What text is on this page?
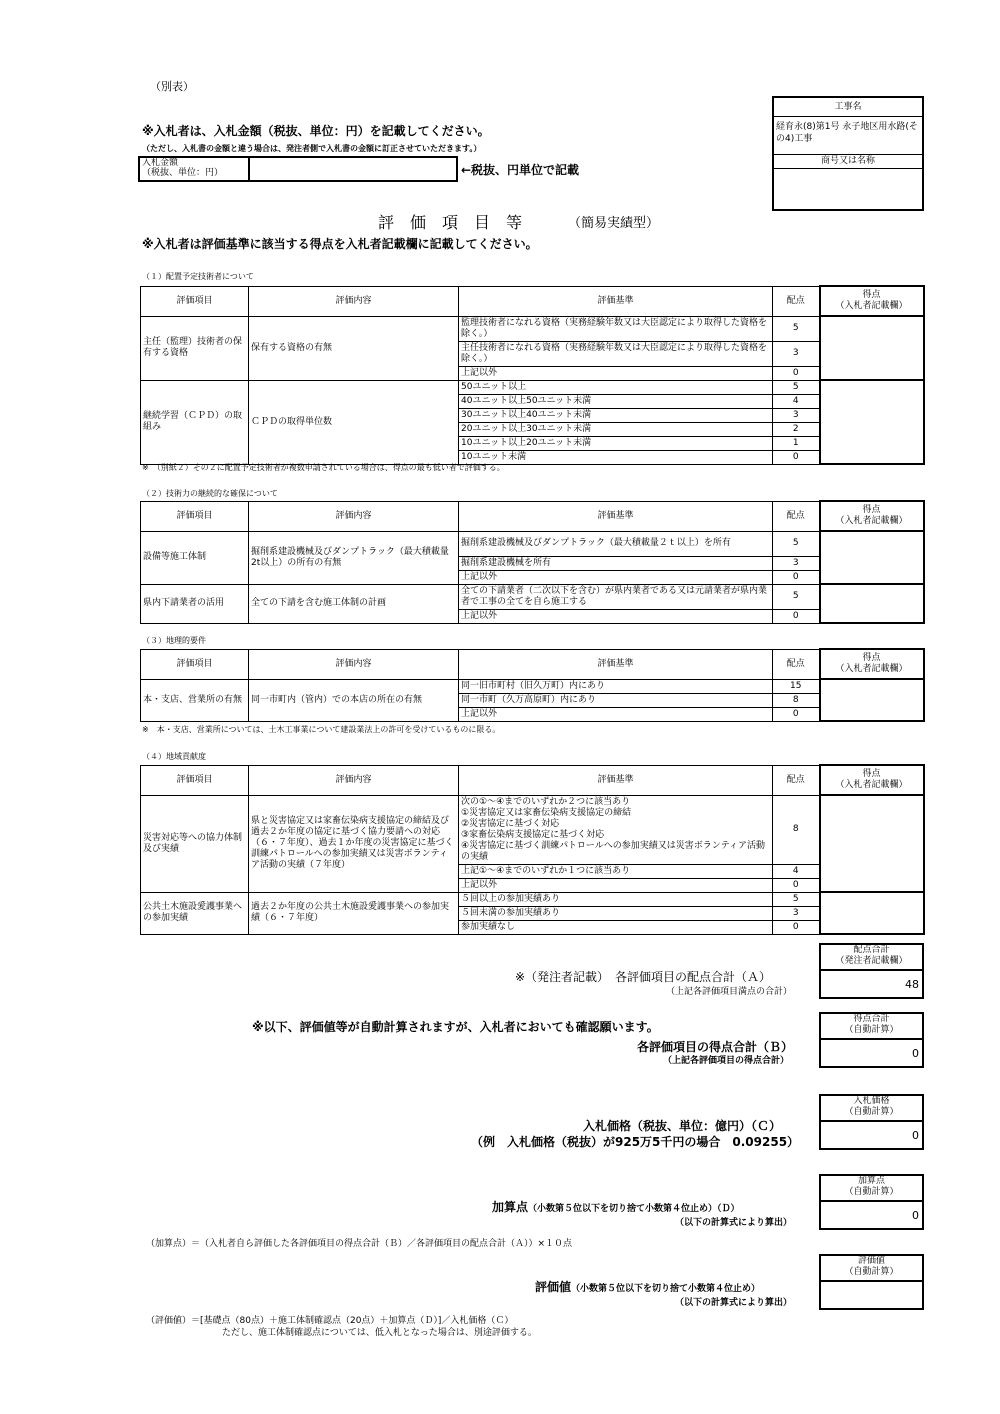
（別表）
工事名
経育永(8)第1号 永子地区用水路(その4)工事
商号又は名称
※入札者は、入札金額（税抜、単位：円）を記載してください。
（ただし、入札書の金額と違う場合は、発注者側で入札書の金額に訂正させていただきます。）
入札金額
（税抜、単位：円）	←税抜、円単位で記載
評　価　項　目　等	（簡易実績型）
※入札者は評価基準に該当する得点を入札者記載欄に記載してください。
（１）配置予定技術者について
評価項目	評価内容	評価基準	配点	得点
（入札者記載欄）
主任（監理）技術者の保有する資格	保有する資格の有無	監理技術者になれる資格（実務経験年数又は大臣認定により取得した資格を除く。）	5	
		主任技術者になれる資格（実務経験年数又は大臣認定により取得した資格を除く。）	3	
		上記以外	0	
継続学習（ＣＰＤ）の取組み	ＣＰＤの取得単位数	50ユニット以上	5	
		40ユニット以上50ユニット未満	4	
		30ユニット以上40ユニット未満	3	
		20ユニット以上30ユニット未満	2	
		10ユニット以上20ユニット未満	1	
		10ユニット未満	0	
※　（別紙２）その２に配置予定技術者が複数申請されている場合は、得点の最も低い者で評価する。
（２）技術力の継続的な確保について
評価項目	評価内容	評価基準	配点	得点
（入札者記載欄）
設備等施工体制	掘削系建設機械及びダンプトラック（最大積載量2t以上）の所有の有無	掘削系建設機械及びダンプトラック（最大積載量２ｔ以上）を所有	5	
		掘削系建設機械を所有	3	
		上記以外	0	
県内下請業者の活用	全ての下請を含む施工体制の計画	全ての下請業者（二次以下を含む）が県内業者である又は元請業者が県内業者で工事の全てを自ら施工する	5	
		上記以外	0	
（３）地理的要件
評価項目	評価内容	評価基準	配点	得点
（入札者記載欄）
本・支店、営業所の有無	同一市町内（管内）での本店の所在の有無	同一旧市町村（旧久万町）内にあり	15	
		同一市町（久万高原町）内にあり	8	
		上記以外	0	
※　本・支店、営業所については、土木工事業について建設業法上の許可を受けているものに限る。
（４）地域貢献度
評価項目	評価内容	評価基準	配点	得点
（入札者記載欄）
災害対応等への協力体制及び実績	県と災害協定又は家畜伝染病支援協定の締結及び過去２か年度の協定に基づく協力要請への対応（６・７年度）、過去１か年度の災害協定に基づく訓練パトロールへの参加実績又は災害ボランティア活動の実績（７年度）	次の①～④までのいずれか２つに該当あり
①災害協定又は家畜伝染病支援協定の締結
②災害協定に基づく対応
③家畜伝染病支援協定に基づく対応
④災害協定に基づく訓練パトロールへの参加実績又は災害ボランティア活動の実績	8	
		上記①～④までのいずれか１つに該当あり	4	
		上記以外	0	
公共土木施設愛護事業への参加実績	過去２か年度の公共土木施設愛護事業への参加実績（６・７年度）	５回以上の参加実績あり	5	
		５回未満の参加実績あり	3	
		参加実績なし	0	
配点合計
（発注者記載欄）
48
※（発注者記載）　各評価項目の配点合計（Ａ）
（上記各評価項目満点の合計）
※以下、評価値等が自動計算されますが、入札者においても確認願います。
得点合計
（自動計算）
0
各評価項目の得点合計（Ｂ）
（上記各評価項目の得点合計）
入札価格
（自動計算）
0
入札価格（税抜、単位：億円）（Ｃ）
（例　入札価格（税抜）が925万5千円の場合　0.09255）
加算点
（自動計算）
0
加算点（小数第５位以下を切り捨て小数第４位止め）（Ｄ）
（以下の計算式により算出）
（加算点）＝（入札者自ら評価した各評価項目の得点合計（Ｂ）／各評価項目の配点合計（Ａ））×１０点
評価値
（自動計算）
評価値（小数第５位以下を切り捨て小数第４位止め）
（以下の計算式により算出）
（評価値）＝[基礎点（80点）＋施工体制確認点（20点）＋加算点（Ｄ）]／入札価格（Ｃ）
ただし、施工体制確認点については、低入札となった場合は、別途評価する。
